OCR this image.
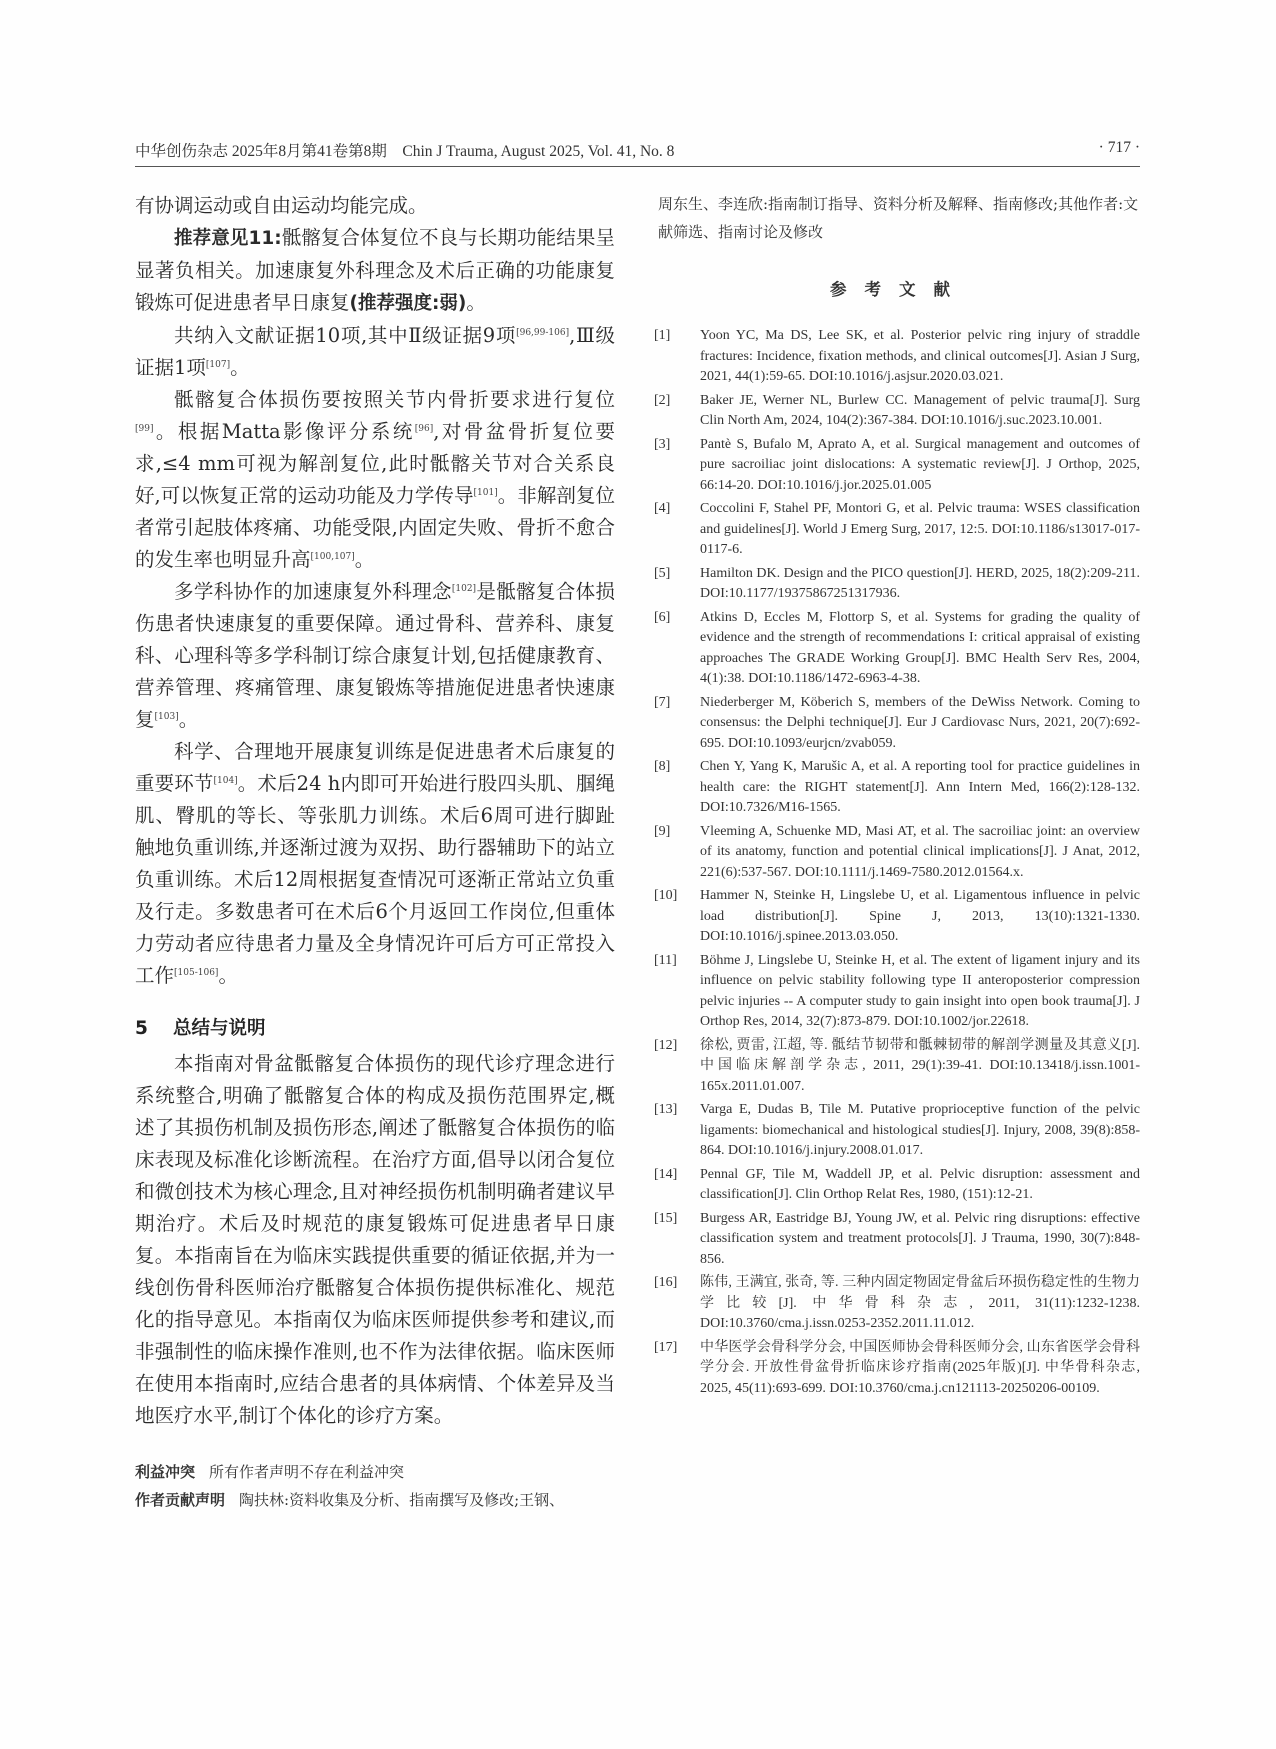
中华创伤杂志 2025年8月第41卷第8期 Chin J Trauma, August 2025, Vol. 41, No. 8	· 717 ·

有协调运动或自由运动均能完成。

推荐意见11:骶髂复合体复位不良与长期功能结果呈显著负相关。加速康复外科理念及术后正确的功能康复锻炼可促进患者早日康复(推荐强度:弱)。

共纳入文献证据10项,其中Ⅱ级证据9项[96,99-106],Ⅲ级证据1项[107]。

骶髂复合体损伤要按照关节内骨折要求进行复位[99]。根据Matta影像评分系统[96],对骨盆骨折复位要求,≤4 mm可视为解剖复位,此时骶髂关节对合关系良好,可以恢复正常的运动功能及力学传导[101]。非解剖复位者常引起肢体疼痛、功能受限,内固定失败、骨折不愈合的发生率也明显升高[100,107]。

多学科协作的加速康复外科理念[102]是骶髂复合体损伤患者快速康复的重要保障。通过骨科、营养科、康复科、心理科等多学科制订综合康复计划,包括健康教育、营养管理、疼痛管理、康复锻炼等措施促进患者快速康复[103]。

科学、合理地开展康复训练是促进患者术后康复的重要环节[104]。术后24 h内即可开始进行股四头肌、腘绳肌、臀肌的等长、等张肌力训练。术后6周可进行脚趾触地负重训练,并逐渐过渡为双拐、助行器辅助下的站立负重训练。术后12周根据复查情况可逐渐正常站立负重及行走。多数患者可在术后6个月返回工作岗位,但重体力劳动者应待患者力量及全身情况许可后方可正常投入工作[105-106]。

5 总结与说明

本指南对骨盆骶髂复合体损伤的现代诊疗理念进行系统整合,明确了骶髂复合体的构成及损伤范围界定,概述了其损伤机制及损伤形态,阐述了骶髂复合体损伤的临床表现及标准化诊断流程。在治疗方面,倡导以闭合复位和微创技术为核心理念,且对神经损伤机制明确者建议早期治疗。术后及时规范的康复锻炼可促进患者早日康复。本指南旨在为临床实践提供重要的循证依据,并为一线创伤骨科医师治疗骶髂复合体损伤提供标准化、规范化的指导意见。本指南仅为临床医师提供参考和建议,而非强制性的临床操作准则,也不作为法律依据。临床医师在使用本指南时,应结合患者的具体病情、个体差异及当地医疗水平,制订个体化的诊疗方案。

利益冲突 所有作者声明不存在利益冲突
作者贡献声明 陶扶林:资料收集及分析、指南撰写及修改;王钢、

周东生、李连欣:指南制订指导、资料分析及解释、指南修改;其他作者:文献筛选、指南讨论及修改

参考文献
[1]	Yoon YC, Ma DS, Lee SK, et al. Posterior pelvic ring injury of straddle fractures: Incidence, fixation methods, and clinical outcomes[J]. Asian J Surg, 2021, 44(1):59-65. DOI:10.1016/j.asjsur.2020.03.021.
[2]	Baker JE, Werner NL, Burlew CC. Management of pelvic trauma[J]. Surg Clin North Am, 2024, 104(2):367-384. DOI:10.1016/j.suc.2023.10.001.
[3]	Pantè S, Bufalo M, Aprato A, et al. Surgical management and outcomes of pure sacroiliac joint dislocations: A systematic review[J]. J Orthop, 2025, 66:14-20. DOI:10.1016/j.jor.2025.01.005
[4]	Coccolini F, Stahel PF, Montori G, et al. Pelvic trauma: WSES classification and guidelines[J]. World J Emerg Surg, 2017, 12:5. DOI:10.1186/s13017-017-0117-6.
[5]	Hamilton DK. Design and the PICO question[J]. HERD, 2025, 18(2):209-211. DOI:10.1177/19375867251317936.
[6]	Atkins D, Eccles M, Flottorp S, et al. Systems for grading the quality of evidence and the strength of recommendations I: critical appraisal of existing approaches The GRADE Working Group[J]. BMC Health Serv Res, 2004, 4(1):38. DOI:10.1186/1472-6963-4-38.
[7]	Niederberger M, Köberich S, members of the DeWiss Network. Coming to consensus: the Delphi technique[J]. Eur J Cardiovasc Nurs, 2021, 20(7):692-695. DOI:10.1093/eurjcn/zvab059.
[8]	Chen Y, Yang K, Marušic A, et al. A reporting tool for practice guidelines in health care: the RIGHT statement[J]. Ann Intern Med, 166(2):128-132. DOI:10.7326/M16-1565.
[9]	Vleeming A, Schuenke MD, Masi AT, et al. The sacroiliac joint: an overview of its anatomy, function and potential clinical implications[J]. J Anat, 2012, 221(6):537-567. DOI:10.1111/j.1469-7580.2012.01564.x.
[10]	Hammer N, Steinke H, Lingslebe U, et al. Ligamentous influence in pelvic load distribution[J]. Spine J, 2013, 13(10):1321-1330. DOI:10.1016/j.spinee.2013.03.050.
[11]	Böhme J, Lingslebe U, Steinke H, et al. The extent of ligament injury and its influence on pelvic stability following type II anteroposterior compression pelvic injuries -- A computer study to gain insight into open book trauma[J]. J Orthop Res, 2014, 32(7):873-879. DOI:10.1002/jor.22618.
[12]	徐松, 贾雷, 江超, 等. 骶结节韧带和骶棘韧带的解剖学测量及其意义[J]. 中国临床解剖学杂志, 2011, 29(1):39-41. DOI:10.13418/j.issn.1001-165x.2011.01.007.
[13]	Varga E, Dudas B, Tile M. Putative proprioceptive function of the pelvic ligaments: biomechanical and histological studies[J]. Injury, 2008, 39(8):858-864. DOI:10.1016/j.injury.2008.01.017.
[14]	Pennal GF, Tile M, Waddell JP, et al. Pelvic disruption: assessment and classification[J]. Clin Orthop Relat Res, 1980, (151):12-21.
[15]	Burgess AR, Eastridge BJ, Young JW, et al. Pelvic ring disruptions: effective classification system and treatment protocols[J]. J Trauma, 1990, 30(7):848-856.
[16]	陈伟, 王满宜, 张奇, 等. 三种内固定物固定骨盆后环损伤稳定性的生物力学比较[J]. 中华骨科杂志, 2011, 31(11):1232-1238. DOI:10.3760/cma.j.issn.0253-2352.2011.11.012.
[17]	中华医学会骨科学分会, 中国医师协会骨科医师分会, 山东省医学会骨科学分会. 开放性骨盆骨折临床诊疗指南(2025年版)[J]. 中华骨科杂志, 2025, 45(11):693-699. DOI:10.3760/cma.j.cn121113-20250206-00109.
